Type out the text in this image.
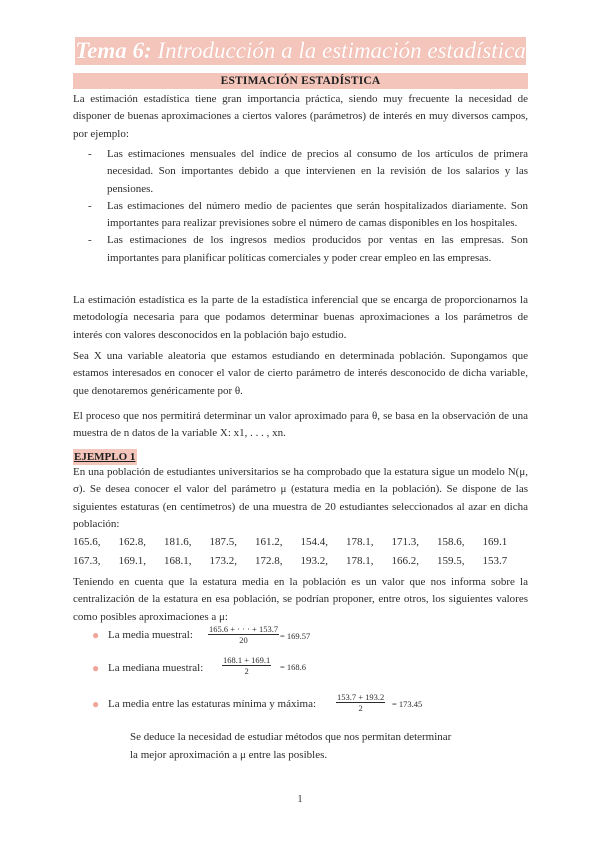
Tema 6: Introducción a la estimación estadística
ESTIMACIÓN ESTADÍSTICA

La estimación estadística tiene gran importancia práctica, siendo muy frecuente la necesidad de disponer de buenas aproximaciones a ciertos valores (parámetros) de interés en muy diversos campos, por ejemplo:

- Las estimaciones mensuales del índice de precios al consumo de los artículos de primera necesidad. Son importantes debido a que intervienen en la revisión de los salarios y las pensiones.
- Las estimaciones del número medio de pacientes que serán hospitalizados diariamente. Son importantes para realizar previsiones sobre el número de camas disponibles en los hospitales.
- Las estimaciones de los ingresos medios producidos por ventas en las empresas. Son importantes para planificar políticas comerciales y poder crear empleo en las empresas.

La estimación estadística es la parte de la estadística inferencial que se encarga de proporcionarnos la metodología necesaria para que podamos determinar buenas aproximaciones a los parámetros de interés con valores desconocidos en la población bajo estudio.

Sea X una variable aleatoria que estamos estudiando en determinada población. Supongamos que estamos interesados en conocer el valor de cierto parámetro de interés desconocido de dicha variable, que denotaremos genéricamente por θ.

El proceso que nos permitirá determinar un valor aproximado para θ, se basa en la observación de una muestra de n datos de la variable X: x1, . . . , xn.

EJEMPLO 1

En una población de estudiantes universitarios se ha comprobado que la estatura sigue un modelo N(μ, σ). Se desea conocer el valor del parámetro μ (estatura media en la población). Se dispone de las siguientes estaturas (en centímetros) de una muestra de 20 estudiantes seleccionados al azar en dicha población:

165.6,	162.8,	181.6,	187.5,	161.2,	154.4,	178.1,	171.3,	158.6,	169.1
167.3,	169.1,	168.1,	173.2,	172.8,	193.2,	178.1,	166.2,	159.5,	153.7

Teniendo en cuenta que la estatura media en la población es un valor que nos informa sobre la centralización de la estatura en esa población, se podrían proponer, entre otros, los siguientes valores como posibles aproximaciones a μ:

● La media muestral: $\frac{165.6 + \cdot \cdot \cdot + 153.7}{20} = 169.57$
● La mediana muestral: $\frac{168.1 + 169.1}{2} = 168.6$
● La media entre las estaturas mínima y máxima: $\frac{153.7 + 193.2}{2} = 173.45$
Se deduce la necesidad de estudiar métodos que nos permitan determinar
la mejor aproximación a μ entre las posibles.
1
